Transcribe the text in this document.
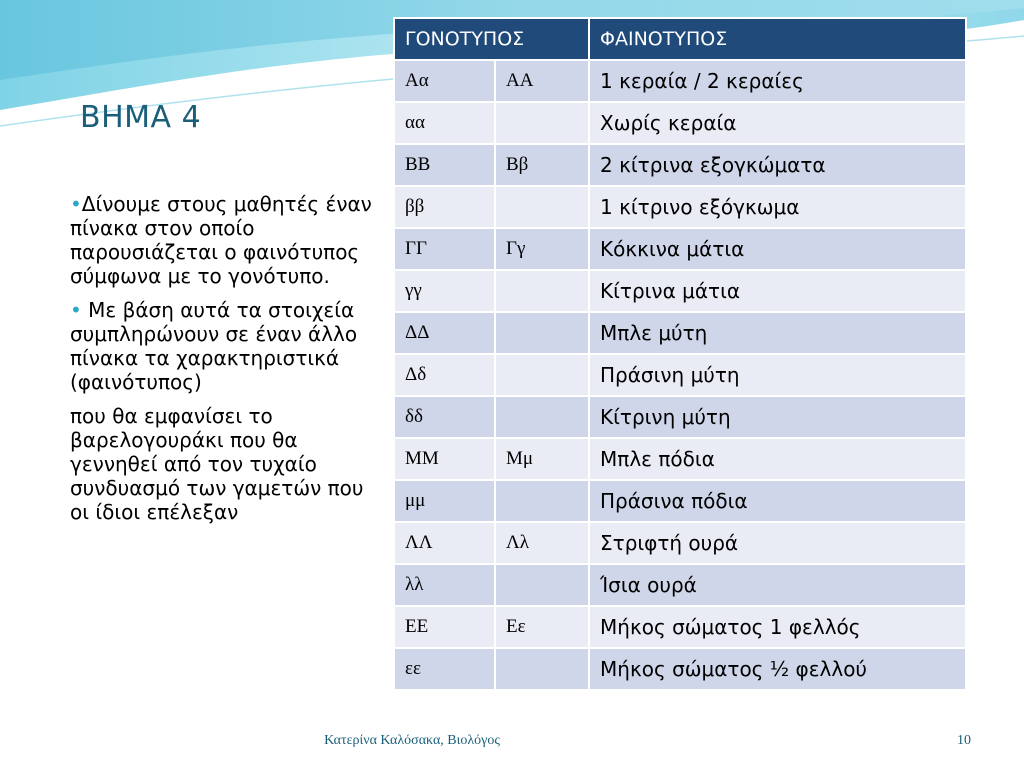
ΒΗΜΑ 4

•Δίνουμε στους μαθητές έναν πίνακα στον οποίο παρουσιάζεται ο φαινότυπος σύμφωνα με το γονότυπο.

• Με βάση αυτά τα στοιχεία συμπληρώνουν σε έναν άλλο πίνακα τα χαρακτηριστικά (φαινότυπος)

που θα εμφανίσει το βαρελογουράκι που θα γεννηθεί από τον τυχαίο συνδυασμό των γαμετών που οι ίδιοι επέλεξαν

ΓΟΝΟΤΥΠΟΣ		ΦΑΙΝΟΤΥΠΟΣ
Αα	ΑΑ	1 κεραία / 2 κεραίες
αα		Χωρίς κεραία
ΒΒ	Ββ	2 κίτρινα εξογκώματα
ββ		1 κίτρινο εξόγκωμα
ΓΓ	Γγ	Κόκκινα μάτια
γγ		Κίτρινα μάτια
ΔΔ		Μπλε μύτη
Δδ		Πράσινη μύτη
δδ		Κίτρινη μύτη
ΜΜ	Μμ	Μπλε πόδια
μμ		Πράσινα πόδια
ΛΛ	Λλ	Στριφτή ουρά
λλ		Ίσια ουρά
ΕΕ	Εε	Μήκος σώματος 1 φελλός
εε		Μήκος σώματος ½ φελλού
Κατερίνα Καλόσακα, Βιολόγος	10
